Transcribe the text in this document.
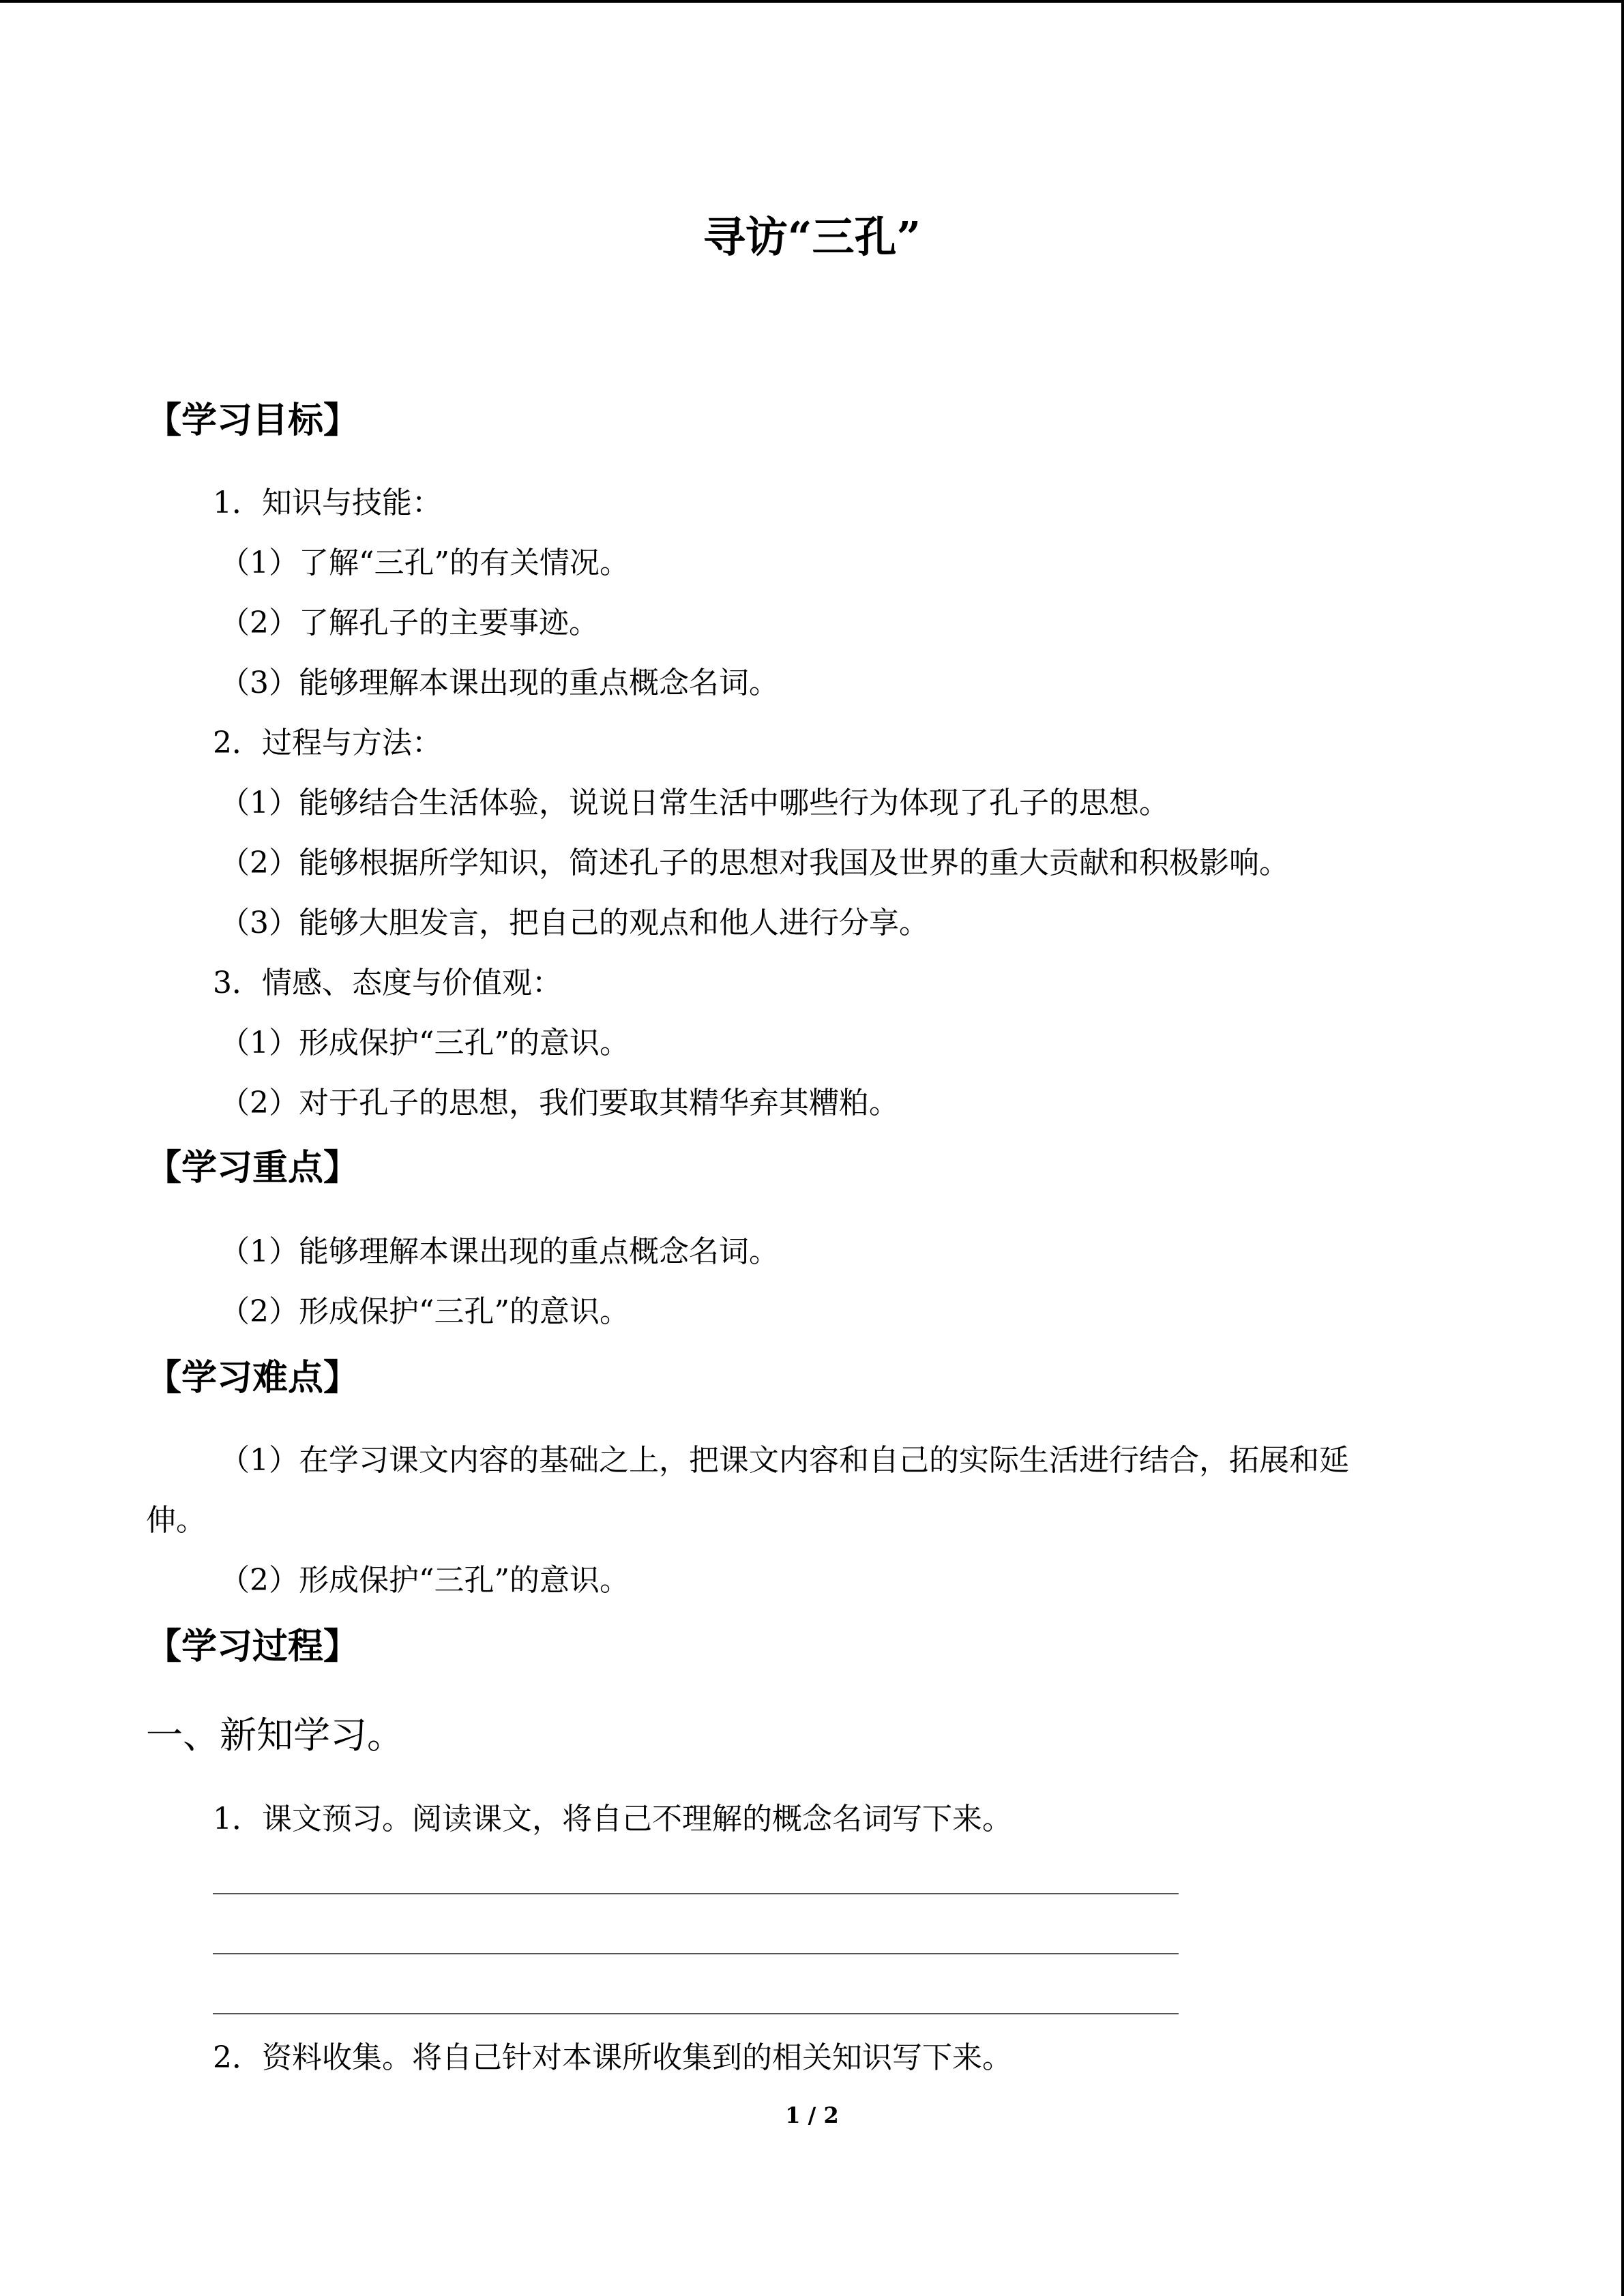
寻访“三孔”
【学习目标】
1．知识与技能：
（1）了解“三孔”的有关情况。
（2）了解孔子的主要事迹。
（3）能够理解本课出现的重点概念名词。
2．过程与方法：
（1）能够结合生活体验，说说日常生活中哪些行为体现了孔子的思想。
（2）能够根据所学知识，简述孔子的思想对我国及世界的重大贡献和积极影响。
（3）能够大胆发言，把自己的观点和他人进行分享。
3．情感、态度与价值观：
（1）形成保护“三孔”的意识。
（2）对于孔子的思想，我们要取其精华弃其糟粕。
【学习重点】
（1）能够理解本课出现的重点概念名词。
（2）形成保护“三孔”的意识。
【学习难点】
（1）在学习课文内容的基础之上，把课文内容和自己的实际生活进行结合，拓展和延
伸。
（2）形成保护“三孔”的意识。
【学习过程】
一、新知学习。
1．课文预习。阅读课文，将自己不理解的概念名词写下来。
2．资料收集。将自己针对本课所收集到的相关知识写下来。
1 / 2
